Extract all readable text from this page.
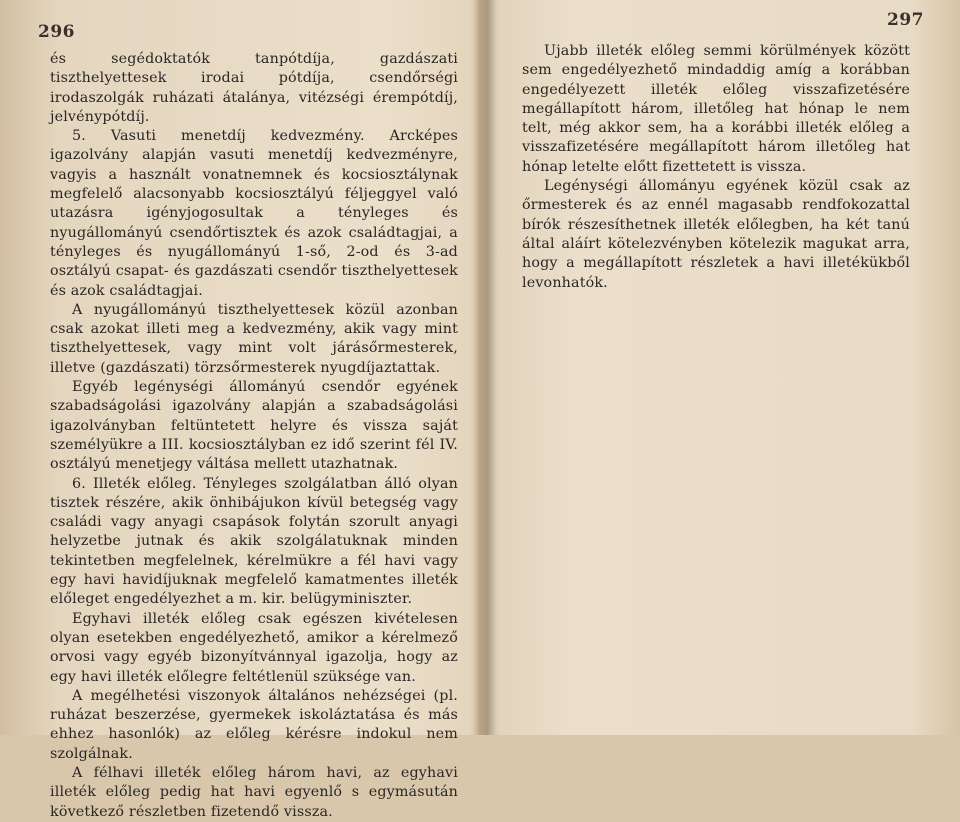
296

és segédoktatók tanpótdíja, gazdászati tiszthelyettesek irodai pótdíja, csendőrségi irodaszolgák ruházati átalánya, vitézségi érempótdíj, jelvénypótdíj.

5. Vasuti menetdíj kedvezmény. Arcképes igazolvány alapján vasuti menetdíj kedvezményre, vagyis a használt vonatnemnek és kocsiosztálynak megfelelő alacsonyabb kocsiosztályú féljeggyel való utazásra igényjogosultak a tényleges és nyugállományú csendőrtisztek és azok családtagjai, a tényleges és nyugállományú 1-ső, 2-od és 3-ad osztályú csapat- és gazdászati csendőr tiszthelyettesek és azok családtagjai.

A nyugállományú tiszthelyettesek közül azonban csak azokat illeti meg a kedvezmény, akik vagy mint tiszthelyettesek, vagy mint volt járásőrmesterek, illetve (gazdászati) törzsőrmesterek nyugdíjaztattak.

Egyéb legénységi állományú csendőr egyének szabadságolási igazolvány alapján a szabadságolási igazolványban feltüntetett helyre és vissza saját személyükre a III. kocsiosztályban ez idő szerint fél IV. osztályú menetjegy váltása mellett utazhatnak.

6. Illeték előleg. Tényleges szolgálatban álló olyan tisztek részére, akik önhibájukon kívül betegség vagy családi vagy anyagi csapások folytán szorult anyagi helyzetbe jutnak és akik szolgálatuknak minden tekintetben megfelelnek, kérelmükre a fél havi vagy egy havi havidíjuknak megfelelő kamatmentes illeték előleget engedélyezhet a m. kir. belügyminiszter.

Egyhavi illeték előleg csak egészen kivételesen olyan esetekben engedélyezhető, amikor a kérelmező orvosi vagy egyéb bizonyítvánnyal igazolja, hogy az egy havi illeték előlegre feltétlenül szüksége van.

A megélhetési viszonyok általános nehézségei (pl. ruházat beszerzése, gyermekek iskoláztatása és más ehhez hasonlók) az előleg kérésre indokul nem szolgálnak.

A félhavi illeték előleg három havi, az egyhavi illeték előleg pedig hat havi egyenlő s egymásután következő részletben fizetendő vissza.

297

Ujabb illeték előleg semmi körülmények között sem engedélyezhető mindaddig amíg a korábban engedélyezett illeték előleg visszafizetésére megállapított három, illetőleg hat hónap le nem telt, még akkor sem, ha a korábbi illeték előleg a visszafizetésére megállapított három illetőleg hat hónap letelte előtt fizettetett is vissza.

Legénységi állományu egyének közül csak az őrmesterek és az ennél magasabb rendfokozattal bírók részesíthetnek illeték előlegben, ha két tanú által aláírt kötelezvényben kötelezik magukat arra, hogy a megállapított részletek a havi illetékükből levonhatók.
